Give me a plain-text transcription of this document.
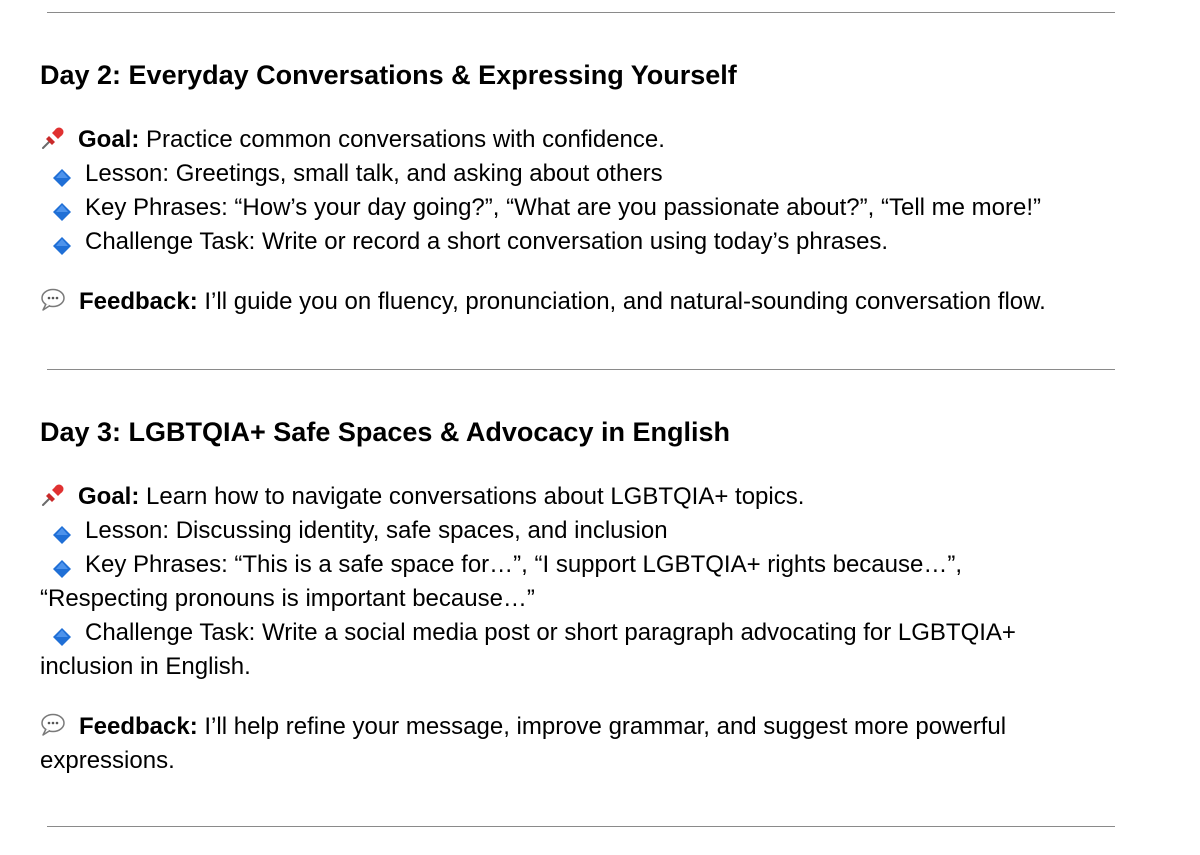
Day 2: Everyday Conversations & Expressing Yourself
Goal: Practice common conversations with confidence.
Lesson: Greetings, small talk, and asking about others
Key Phrases: “How’s your day going?”, “What are you passionate about?”, “Tell me more!”
Challenge Task: Write or record a short conversation using today’s phrases.
Feedback: I’ll guide you on fluency, pronunciation, and natural-sounding conversation flow.
Day 3: LGBTQIA+ Safe Spaces & Advocacy in English
Goal: Learn how to navigate conversations about LGBTQIA+ topics.
Lesson: Discussing identity, safe spaces, and inclusion
Key Phrases: “This is a safe space for…”, “I support LGBTQIA+ rights because…”,
“Respecting pronouns is important because…”
Challenge Task: Write a social media post or short paragraph advocating for LGBTQIA+
inclusion in English.
Feedback: I’ll help refine your message, improve grammar, and suggest more powerful
expressions.
